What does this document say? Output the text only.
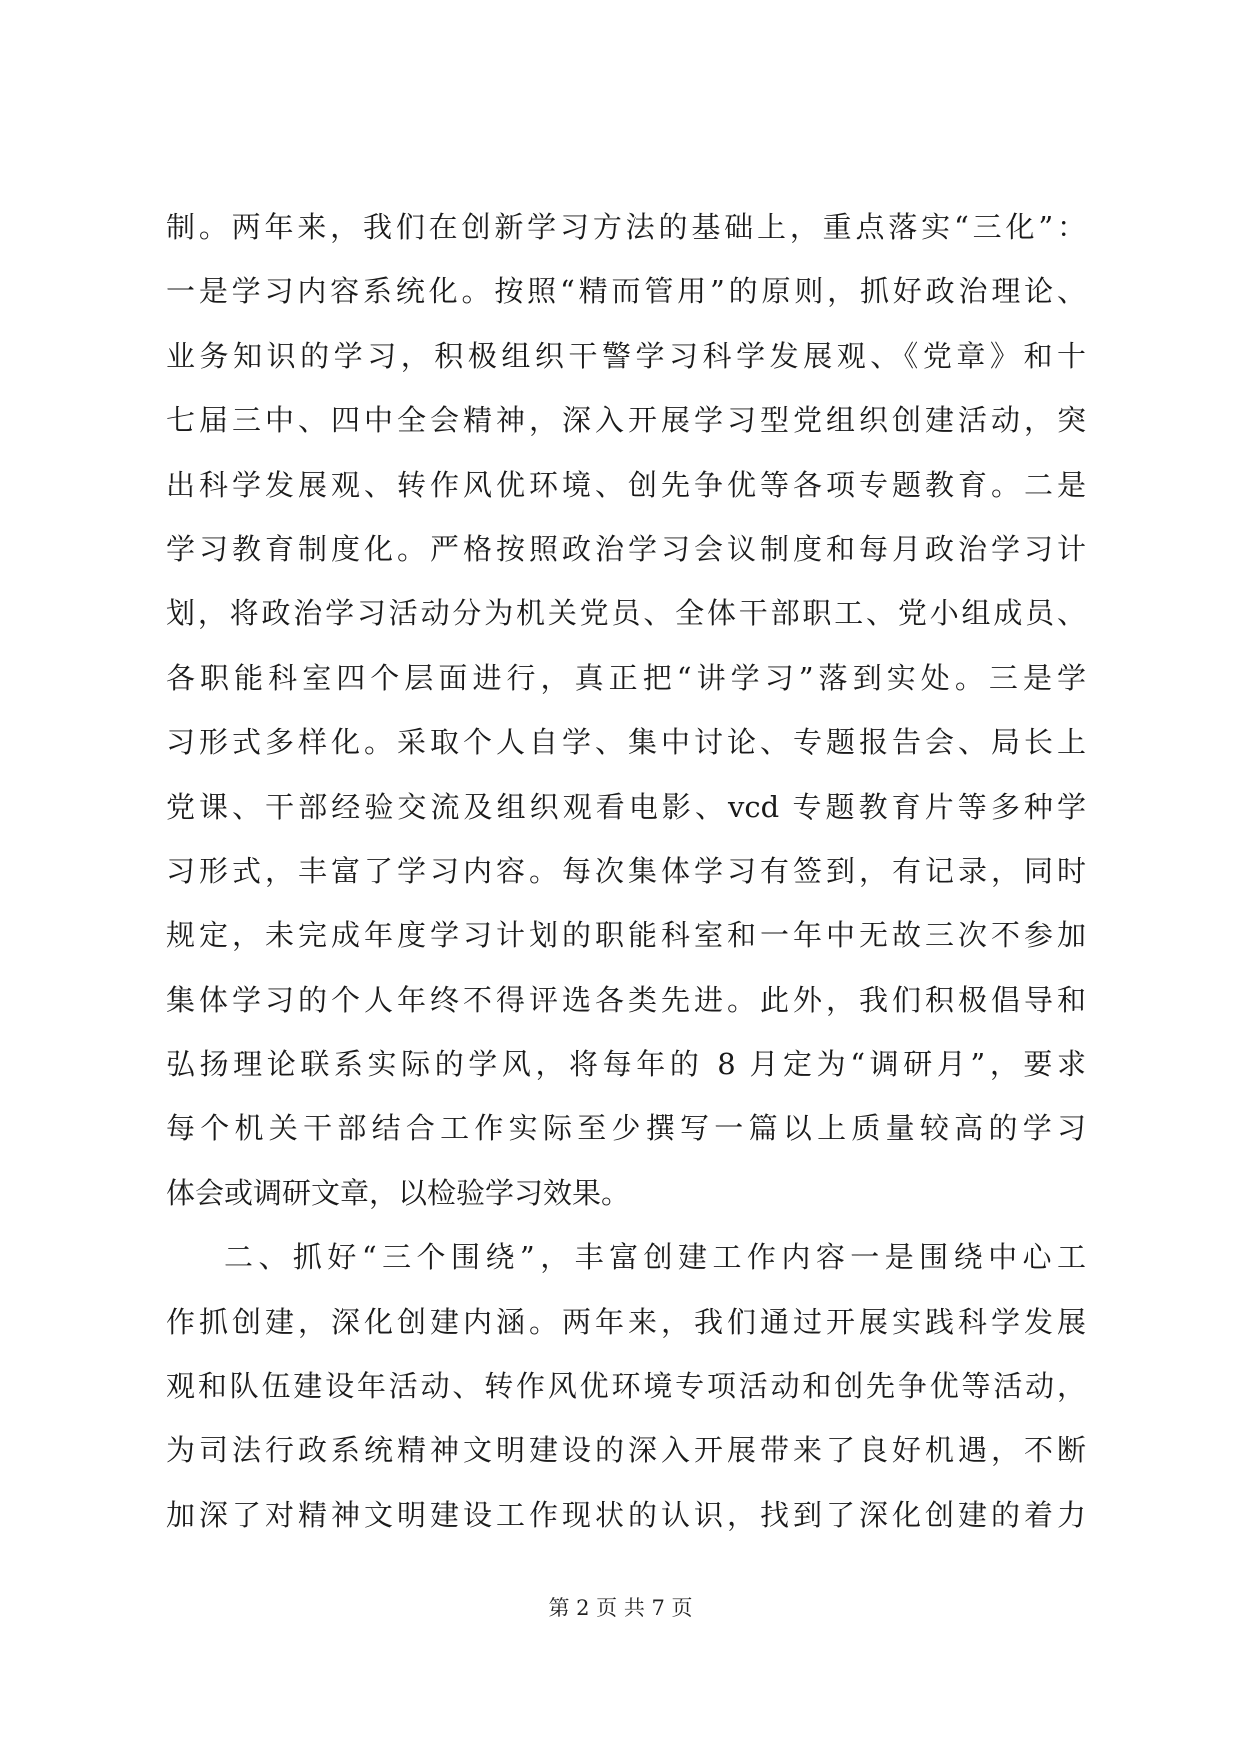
制。两年来，我们在创新学习方法的基础上，重点落实“三化”：
一是学习内容系统化。按照“精而管用”的原则，抓好政治理论、
业务知识的学习，积极组织干警学习科学发展观、《党章》和十
七届三中、四中全会精神，深入开展学习型党组织创建活动，突
出科学发展观、转作风优环境、创先争优等各项专题教育。二是
学习教育制度化。严格按照政治学习会议制度和每月政治学习计
划，将政治学习活动分为机关党员、全体干部职工、党小组成员、
各职能科室四个层面进行，真正把“讲学习”落到实处。三是学
习形式多样化。采取个人自学、集中讨论、专题报告会、局长上
党课、干部经验交流及组织观看电影、vcd 专题教育片等多种学
习形式，丰富了学习内容。每次集体学习有签到，有记录，同时
规定，未完成年度学习计划的职能科室和一年中无故三次不参加
集体学习的个人年终不得评选各类先进。此外，我们积极倡导和
弘扬理论联系实际的学风，将每年的 8 月定为“调研月”，要求
每个机关干部结合工作实际至少撰写一篇以上质量较高的学习
体会或调研文章，以检验学习效果。
二、抓好“三个围绕”，丰富创建工作内容一是围绕中心工
作抓创建，深化创建内涵。两年来，我们通过开展实践科学发展
观和队伍建设年活动、转作风优环境专项活动和创先争优等活动，
为司法行政系统精神文明建设的深入开展带来了良好机遇，不断
加深了对精神文明建设工作现状的认识，找到了深化创建的着力
第 2 页 共 7 页
